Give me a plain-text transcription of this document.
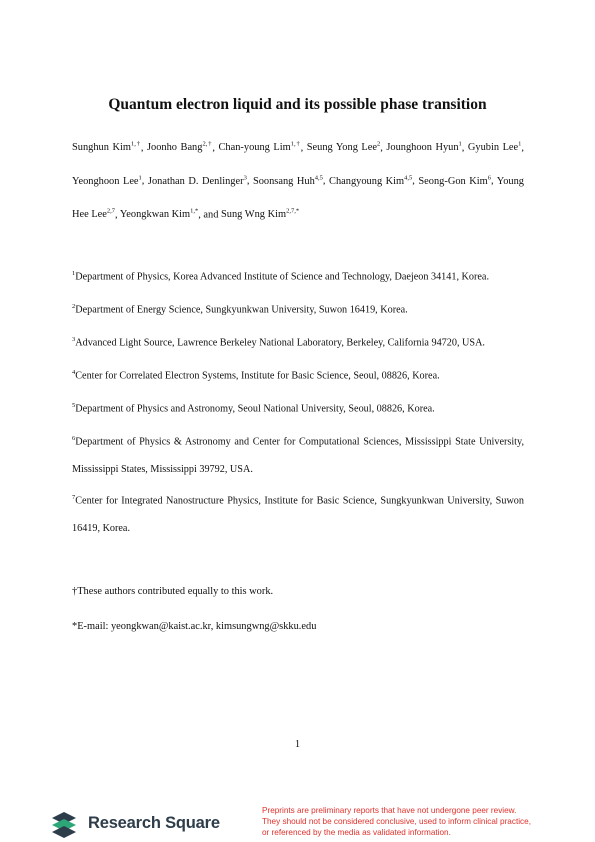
Quantum electron liquid and its possible phase transition
Sunghun Kim$^{1,\dagger}$, Joonho Bang$^{2,\dagger}$, Chan-young Lim$^{1,\dagger}$, Seung Yong Lee$^2$, Jounghoon Hyun$^1$, Gyubin Lee$^1$, Yeonghoon Lee$^1$, Jonathan D. Denlinger$^3$, Soonsang Huh$^{4,5}$, Changyoung Kim$^{4,5}$, Seong-Gon Kim$^6$, Young Hee Lee$^{2,7}$, Yeongkwan Kim$^{1,*}$, and Sung Wng Kim$^{2,7,*}$
$^1$Department of Physics, Korea Advanced Institute of Science and Technology, Daejeon 34141, Korea.
$^2$Department of Energy Science, Sungkyunkwan University, Suwon 16419, Korea.
$^3$Advanced Light Source, Lawrence Berkeley National Laboratory, Berkeley, California 94720, USA.
$^4$Center for Correlated Electron Systems, Institute for Basic Science, Seoul, 08826, Korea.
$^5$Department of Physics and Astronomy, Seoul National University, Seoul, 08826, Korea.
$^6$Department of Physics & Astronomy and Center for Computational Sciences, Mississippi State University, Mississippi States, Mississippi 39792, USA.
$^7$Center for Integrated Nanostructure Physics, Institute for Basic Science, Sungkyunkwan University, Suwon 16419, Korea.
†These authors contributed equally to this work.
*E-mail: yeongkwan@kaist.ac.kr, kimsungwng@skku.edu
1
Research Square
Preprints are preliminary reports that have not undergone peer review.
They should not be considered conclusive, used to inform clinical practice,
or referenced by the media as validated information.
